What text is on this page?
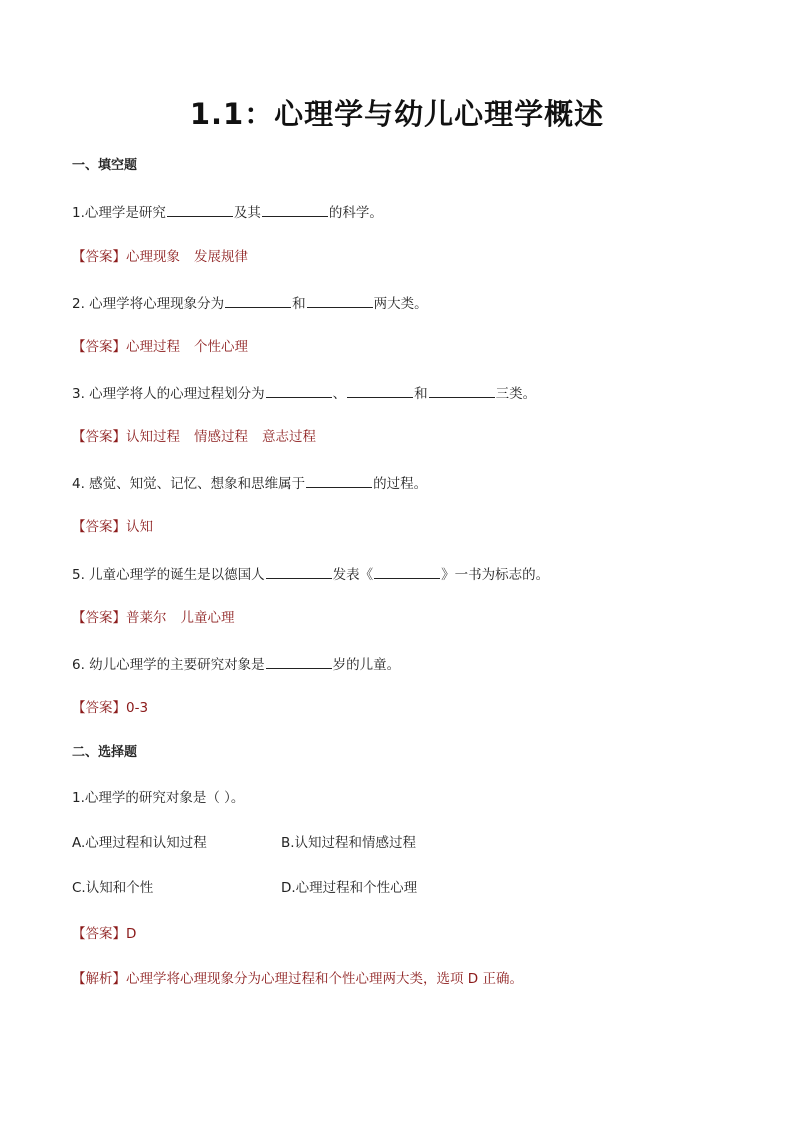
1.1：心理学与幼儿心理学概述
一、填空题
1.心理学是研究	及其	的科学。
【答案】心理现象 发展规律
2. 心理学将心理现象分为	和	两大类。
【答案】心理过程 个性心理
3. 心理学将人的心理过程划分为	、	和	三类。
【答案】认知过程 情感过程 意志过程
4. 感觉、知觉、记忆、想象和思维属于	的过程。
【答案】认知
5. 儿童心理学的诞生是以德国人	发表《	》一书为标志的。
【答案】普莱尔 儿童心理
6. 幼儿心理学的主要研究对象是	岁的儿童。
【答案】0-3
二、选择题
1.心理学的研究对象是（ ）。
A.心理过程和认知过程	B.认知过程和情感过程
C.认知和个性	D.心理过程和个性心理
【答案】D
【解析】心理学将心理现象分为心理过程和个性心理两大类，选项 D 正确。
